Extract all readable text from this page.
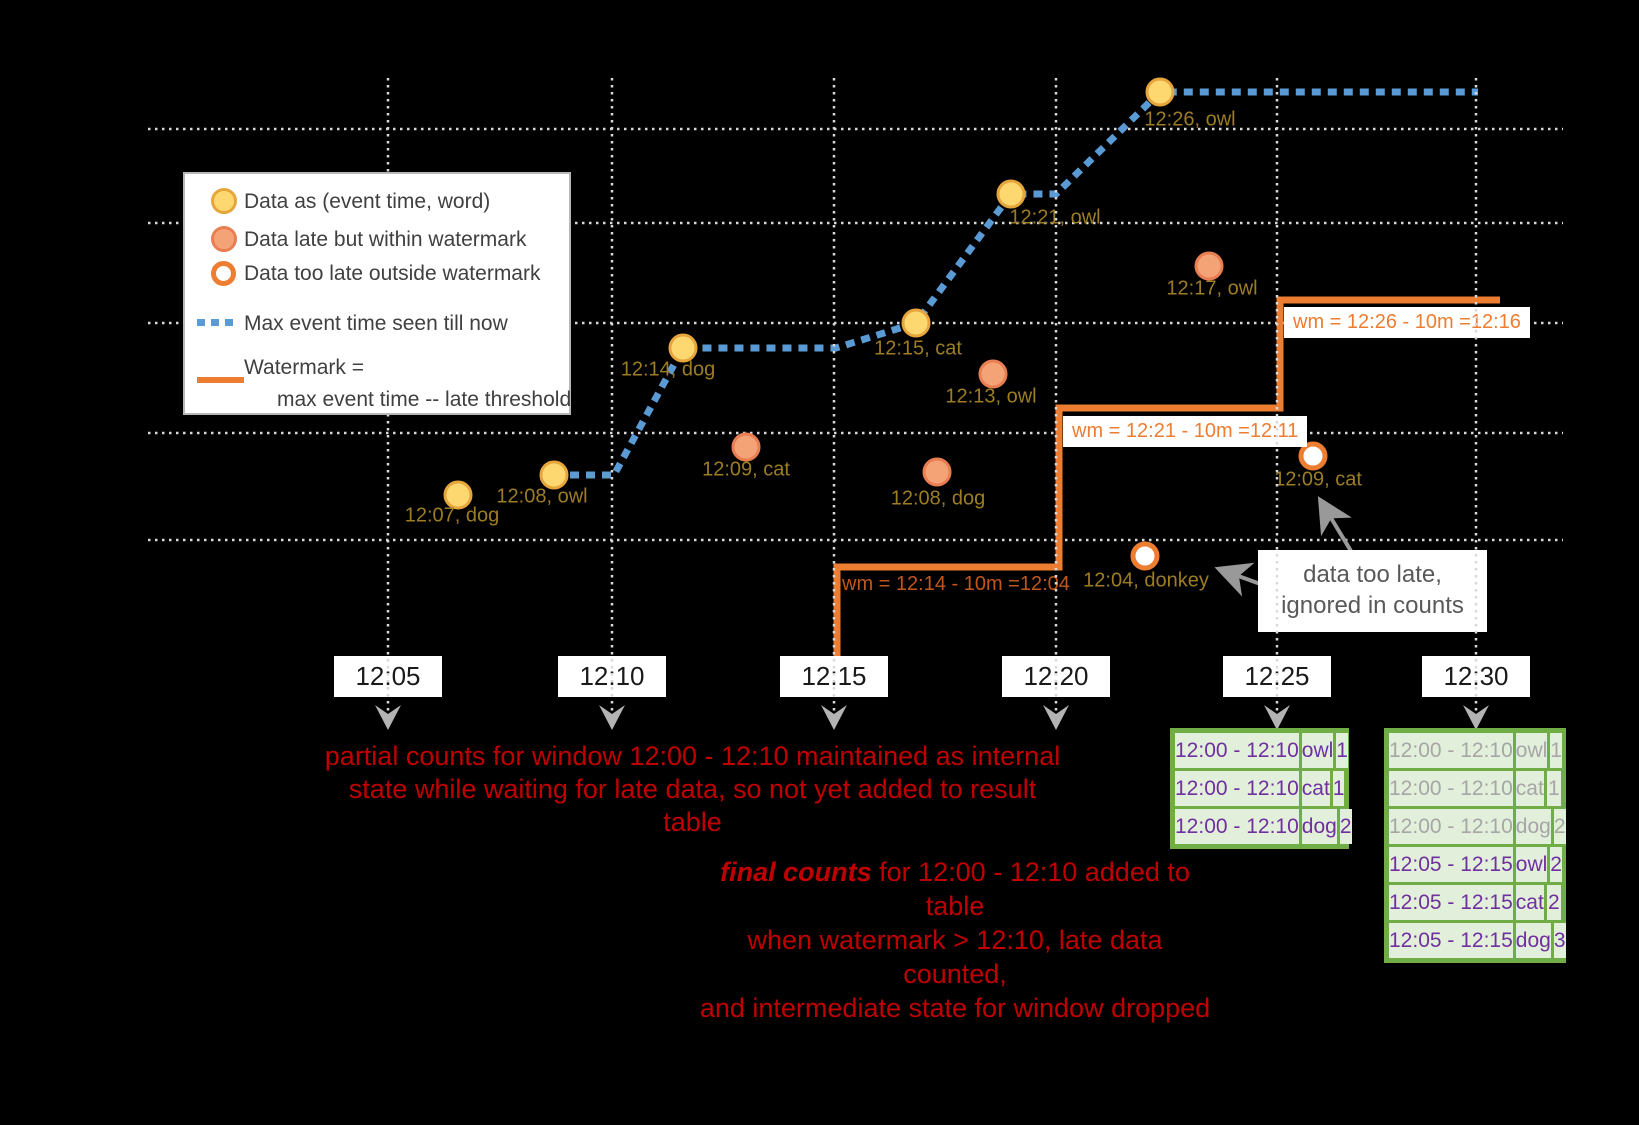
wm = 12:14 - 10m =12:04
wm = 12:21 - 10m =12:11
wm = 12:26 - 10m =12:16
12:05	12:10	12:15	12:20	12:25	12:30
12:07, dog
12:08, owl
12:14, dog
12:15, cat
12:21, owl
12:26, owl
12:09, cat
12:08, dog
12:13, owl
12:17, owl
12:04, donkey
12:09, cat
partial counts for window 12:00 - 12:10 maintained as internal
state while waiting for late data, so not yet added to result table
final counts for 12:00 - 12:10 added to table
when watermark > 12:10, late data counted,
and intermediate state for window dropped
data too late,
ignored in counts
12:00 - 12:10 owl 1
12:00 - 12:10 cat 1
12:00 - 12:10 dog 2
12:00 - 12:10 owl 1
12:00 - 12:10 cat 1
12:00 - 12:10 dog 2
12:05 - 12:15 owl 2
12:05 - 12:15 cat 2
12:05 - 12:15 dog 3
Data as (event time, word)
Data late but within watermark
Data too late outside watermark
Max event time seen till now
Watermark =
max event time -- late threshold
